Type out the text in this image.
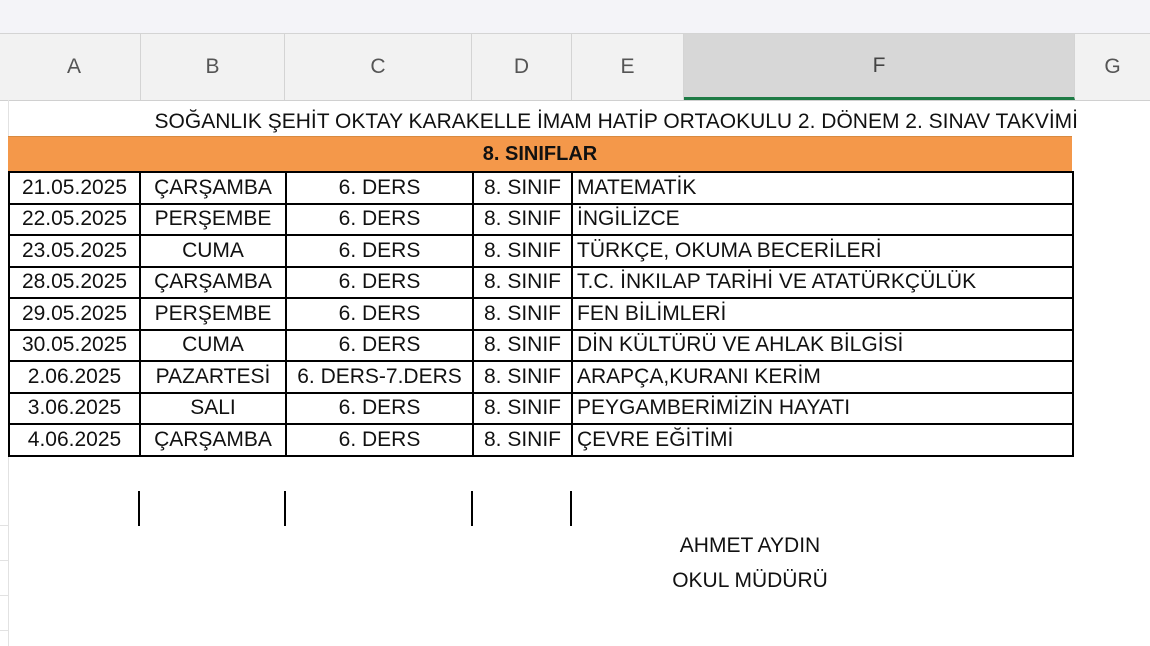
A	B	C	D	E	F	G
SOĞANLIK ŞEHİT OKTAY KARAKELLE İMAM HATİP ORTAOKULU 2. DÖNEM 2. SINAV TAKVİMİ
8. SINIFLAR
21.05.2025	ÇARŞAMBA	6. DERS	8. SINIF	MATEMATİK
22.05.2025	PERŞEMBE	6. DERS	8. SINIF	İNGİLİZCE
23.05.2025	CUMA	6. DERS	8. SINIF	TÜRKÇE, OKUMA BECERİLERİ
28.05.2025	ÇARŞAMBA	6. DERS	8. SINIF	T.C. İNKILAP TARİHİ VE ATATÜRKÇÜLÜK
29.05.2025	PERŞEMBE	6. DERS	8. SINIF	FEN BİLİMLERİ
30.05.2025	CUMA	6. DERS	8. SINIF	DİN KÜLTÜRÜ VE AHLAK BİLGİSİ
2.06.2025	PAZARTESİ	6. DERS-7.DERS	8. SINIF	ARAPÇA,KURANI KERİM
3.06.2025	SALI	6. DERS	8. SINIF	PEYGAMBERİMİZİN HAYATI
4.06.2025	ÇARŞAMBA	6. DERS	8. SINIF	ÇEVRE EĞİTİMİ
AHMET AYDIN
OKUL MÜDÜRÜ
